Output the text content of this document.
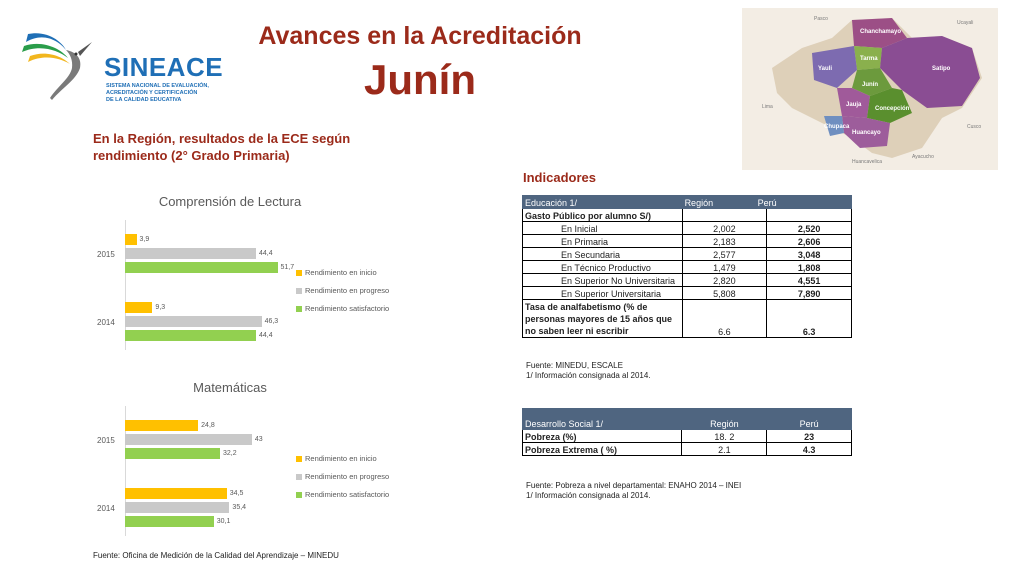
SINEACE
SISTEMA NACIONAL DE EVALUACIÓN,
ACREDITACIÓN Y CERTIFICACIÓN
DE LA CALIDAD EDUCATIVA
Avances en la Acreditación
Junín
Chanchamayo
Tarma
Yauli
Junín
Jauja
Concepción
Huancayo
Chupaca
Satipo
Pasco
Ucayali
Lima
Huancavelica
Ayacucho
Cusco
En la Región, resultados de la ECE según rendimiento (2° Grado Primaria)
Comprensión de Lectura
2015
3,9
44,4
51,7
2014
9,3
46,3
44,4
Rendimiento en inicio
Rendimiento en progreso
Rendimiento satisfactorio
Matemáticas
2015
24,8
43
32,2
2014
34,5
35,4
30,1
Rendimiento en inicio
Rendimiento en progreso
Rendimiento satisfactorio
Indicadores
Educación 1/	Región Perú	
Gasto Público por alumno S/)		
En Inicial	2,002	2,520
En Primaria	2,183	2,606
En Secundaria	2,577	3,048
En Técnico Productivo	1,479	1,808
En Superior No Universitaria	2,820	4,551
En Superior Universitaria	5,808	7,890
Tasa de analfabetismo (% de personas mayores de 15 años que no saben leer ni escribir	6.6	6.3
Fuente: MINEDU, ESCALE
1/ Información consignada al 2014.
Desarrollo Social 1/	Región	Perú
Pobreza (%)	18. 2	23
Pobreza Extrema ( %)	2.1	4.3
Fuente: Pobreza a nivel departamental: ENAHO 2014 – INEI
1/ Información consignada al 2014.
Fuente: Oficina de Medición de la Calidad del Aprendizaje – MINEDU
